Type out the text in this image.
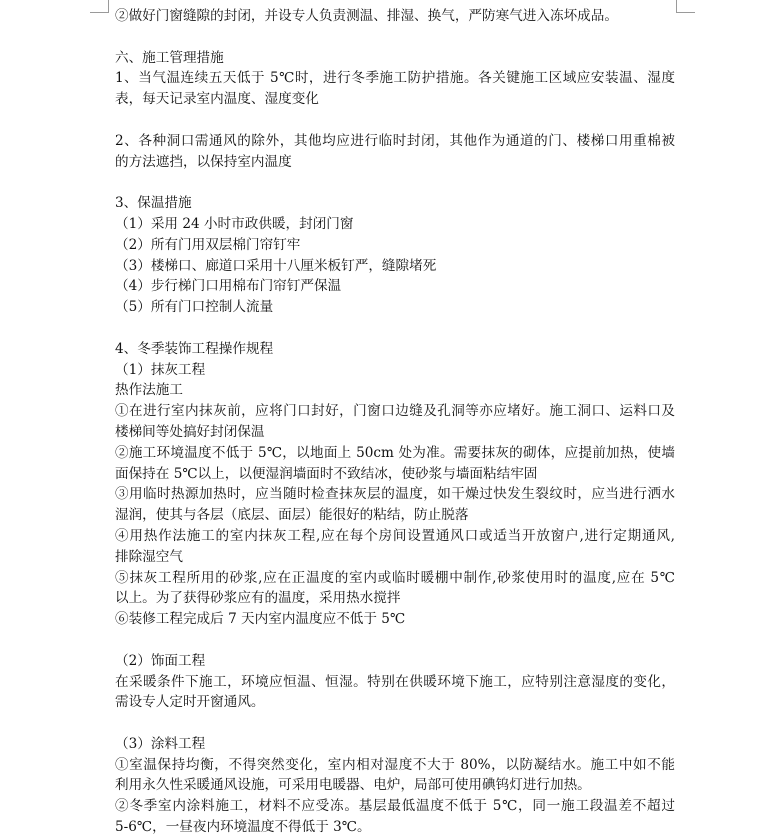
②做好门窗缝隙的封闭，并设专人负责测温、排湿、换气，严防寒气进入冻坏成品。
六、施工管理措施
1、当气温连续五天低于 5℃时，进行冬季施工防护措施。各关键施工区域应安装温、湿度
表，每天记录室内温度、湿度变化
2、各种洞口需通风的除外，其他均应进行临时封闭，其他作为通道的门、楼梯口用重棉被
的方法遮挡，以保持室内温度
3、保温措施
（1）采用 24 小时市政供暖，封闭门窗
（2）所有门用双层棉门帘钉牢
（3）楼梯口、廊道口采用十八厘米板钉严，缝隙堵死
（4）步行梯门口用棉布门帘钉严保温
（5）所有门口控制人流量
4、冬季装饰工程操作规程
（1）抹灰工程
热作法施工
①在进行室内抹灰前，应将门口封好，门窗口边缝及孔洞等亦应堵好。施工洞口、运料口及
楼梯间等处搞好封闭保温
②施工环境温度不低于 5℃，以地面上 50cm 处为准。需要抹灰的砌体，应提前加热，使墙
面保持在 5℃以上，以便湿润墙面时不致结冰，使砂浆与墙面粘结牢固
③用临时热源加热时，应当随时检查抹灰层的温度，如干燥过快发生裂纹时，应当进行洒水
湿润，使其与各层（底层、面层）能很好的粘结，防止脱落
④用热作法施工的室内抹灰工程,应在每个房间设置通风口或适当开放窗户,进行定期通风,
排除湿空气
⑤抹灰工程所用的砂浆,应在正温度的室内或临时暖棚中制作,砂浆使用时的温度,应在 5℃
以上。为了获得砂浆应有的温度，采用热水搅拌
⑥装修工程完成后 7 天内室内温度应不低于 5℃
（2）饰面工程
在采暖条件下施工，环境应恒温、恒湿。特别在供暖环境下施工，应特别注意湿度的变化，
需设专人定时开窗通风。
（3）涂料工程
①室温保持均衡，不得突然变化，室内相对湿度不大于 80%，以防凝结水。施工中如不能
利用永久性采暖通风设施，可采用电暖器、电炉，局部可使用碘钨灯进行加热。
②冬季室内涂料施工，材料不应受冻。基层最低温度不低于 5℃，同一施工段温差不超过
5-6℃，一昼夜内环境温度不得低于 3℃。
